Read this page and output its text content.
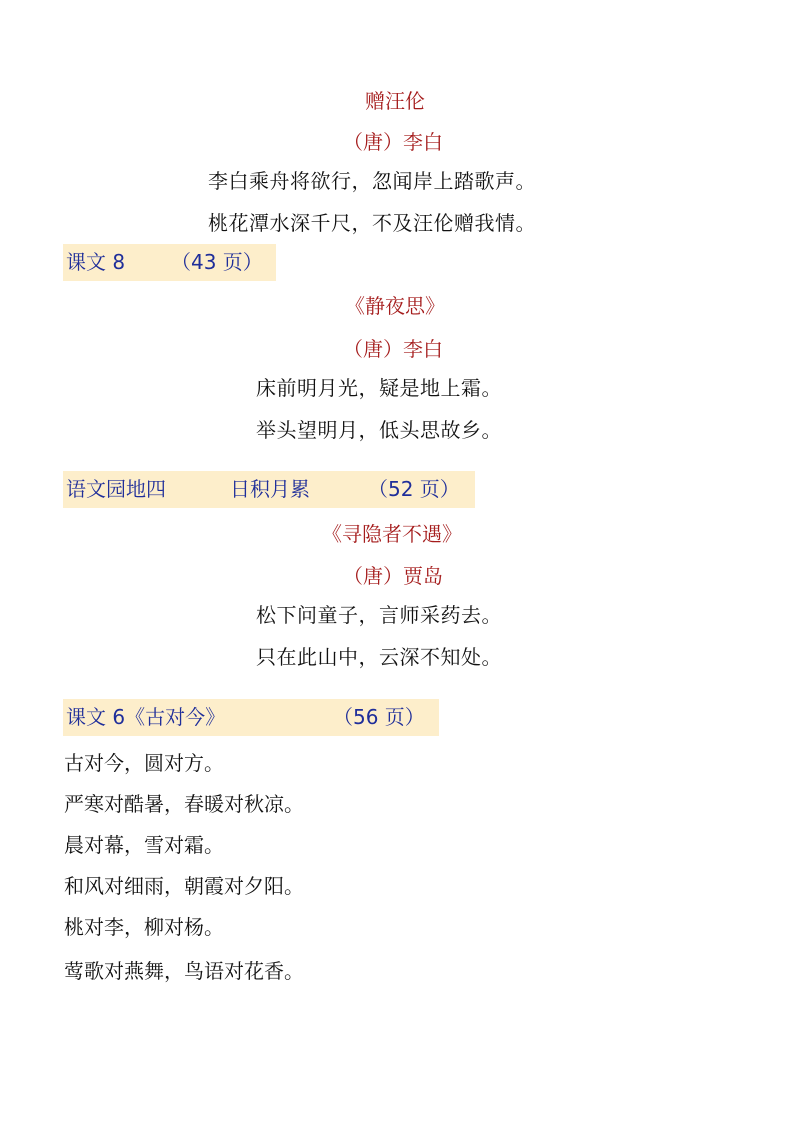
赠汪伦
（唐）李白
李白乘舟将欲行，忽闻岸上踏歌声。
桃花潭水深千尺，不及汪伦赠我情。
课文 8 （43 页）
《静夜思》
（唐）李白
床前明月光，疑是地上霜。
举头望明月，低头思故乡。
语文园地四	日积月累	（52 页）
《寻隐者不遇》
（唐）贾岛
松下问童子，言师采药去。
只在此山中，云深不知处。
课文 6《古对今》	（56 页）
古对今，圆对方。
严寒对酷暑，春暖对秋凉。
晨对幕，雪对霜。
和风对细雨，朝霞对夕阳。
桃对李，柳对杨。
莺歌对燕舞，鸟语对花香。
